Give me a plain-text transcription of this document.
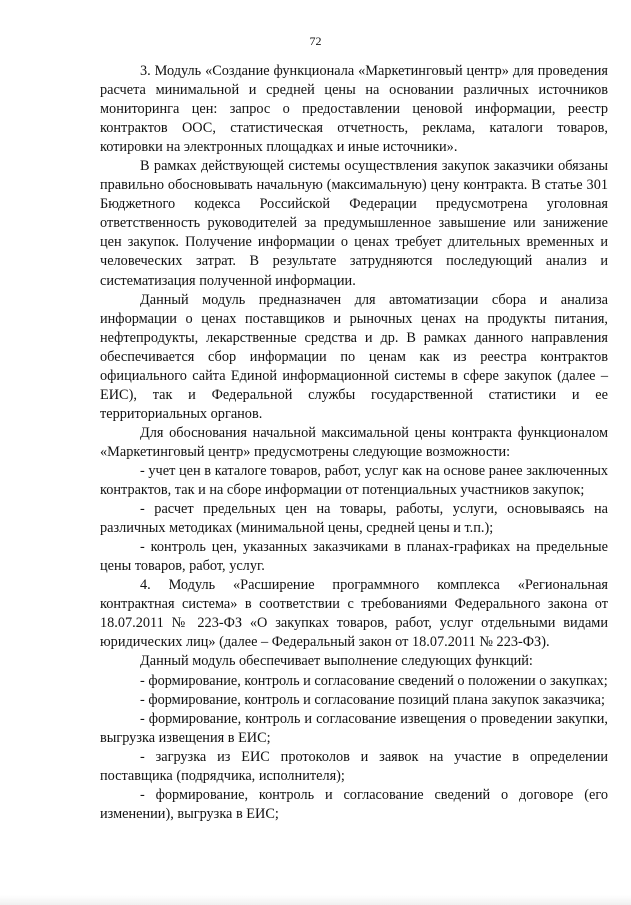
72

3. Модуль «Создание функционала «Маркетинговый центр» для проведения расчета минимальной и средней цены на основании различных источников мониторинга цен: запрос о предоставлении ценовой информации, реестр контрактов ООС, статистическая отчетность, реклама, каталоги товаров, котировки на электронных площадках и иные источники».

В рамках действующей системы осуществления закупок заказчики обязаны правильно обосновывать начальную (максимальную) цену контракта. В статье 301 Бюджетного кодекса Российской Федерации предусмотрена уголовная ответственность руководителей за предумышленное завышение или занижение цен закупок. Получение информации о ценах требует длительных временных и человеческих затрат. В результате затрудняются последующий анализ и систематизация полученной информации.

Данный модуль предназначен для автоматизации сбора и анализа информации о ценах поставщиков и рыночных ценах на продукты питания, нефтепродукты, лекарственные средства и др. В рамках данного направления обеспечивается сбор информации по ценам как из реестра контрактов официального сайта Единой информационной системы в сфере закупок (далее – ЕИС), так и Федеральной службы государственной статистики и ее территориальных органов.

Для обоснования начальной максимальной цены контракта функционалом «Маркетинговый центр» предусмотрены следующие возможности:

- учет цен в каталоге товаров, работ, услуг как на основе ранее заключенных контрактов, так и на сборе информации от потенциальных участников закупок;

- расчет предельных цен на товары, работы, услуги, основываясь на различных методиках (минимальной цены, средней цены и т.п.);

- контроль цен, указанных заказчиками в планах-графиках на предельные цены товаров, работ, услуг.

4. Модуль «Расширение программного комплекса «Региональная контрактная система» в соответствии с требованиями Федерального закона от 18.07.2011 № 223-ФЗ «О закупках товаров, работ, услуг отдельными видами юридических лиц» (далее – Федеральный закон от 18.07.2011 № 223-ФЗ).

Данный модуль обеспечивает выполнение следующих функций:

- формирование, контроль и согласование сведений о положении о закупках;

- формирование, контроль и согласование позиций плана закупок заказчика;

- формирование, контроль и согласование извещения о проведении закупки, выгрузка извещения в ЕИС;

- загрузка из ЕИС протоколов и заявок на участие в определении поставщика (подрядчика, исполнителя);

- формирование, контроль и согласование сведений о договоре (его изменении), выгрузка в ЕИС;
